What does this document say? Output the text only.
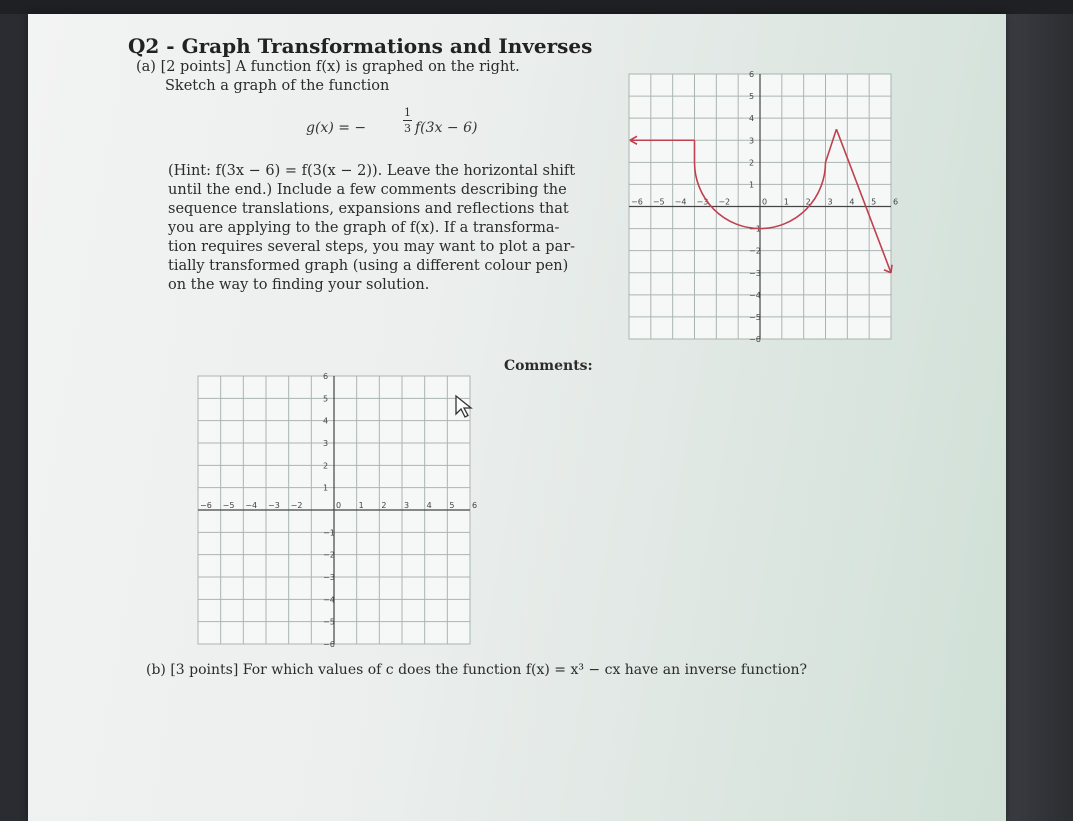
Q2 - Graph Transformations and Inverses
(a) [2 points] A function f(x) is graphed on the right.
Sketch a graph of the function
g(x) = −
1
3 f(3x − 6)
(Hint: f(3x − 6) = f(3(x − 2)). Leave the horizontal shift
until the end.) Include a few comments describing the
sequence translations, expansions and reflections that
you are applying to the graph of f(x). If a transforma-
tion requires several steps, you may want to plot a par-
tially transformed graph (using a different colour pen)
on the way to finding your solution.
−6 −5 −4 −3 −2	0 1 2 3 4 5 6
6
5
4
3
2
1
−1
−2
−3
−4
−5
−6
−6 −5 −4 −3 −2	0 1 2 3 4 5 6
6
5
4
3
2
1
−1
−2
−3
−4
−5
−6
Comments:
(b) [3 points] For which values of c does the function f(x) = x³ − cx have an inverse function?
